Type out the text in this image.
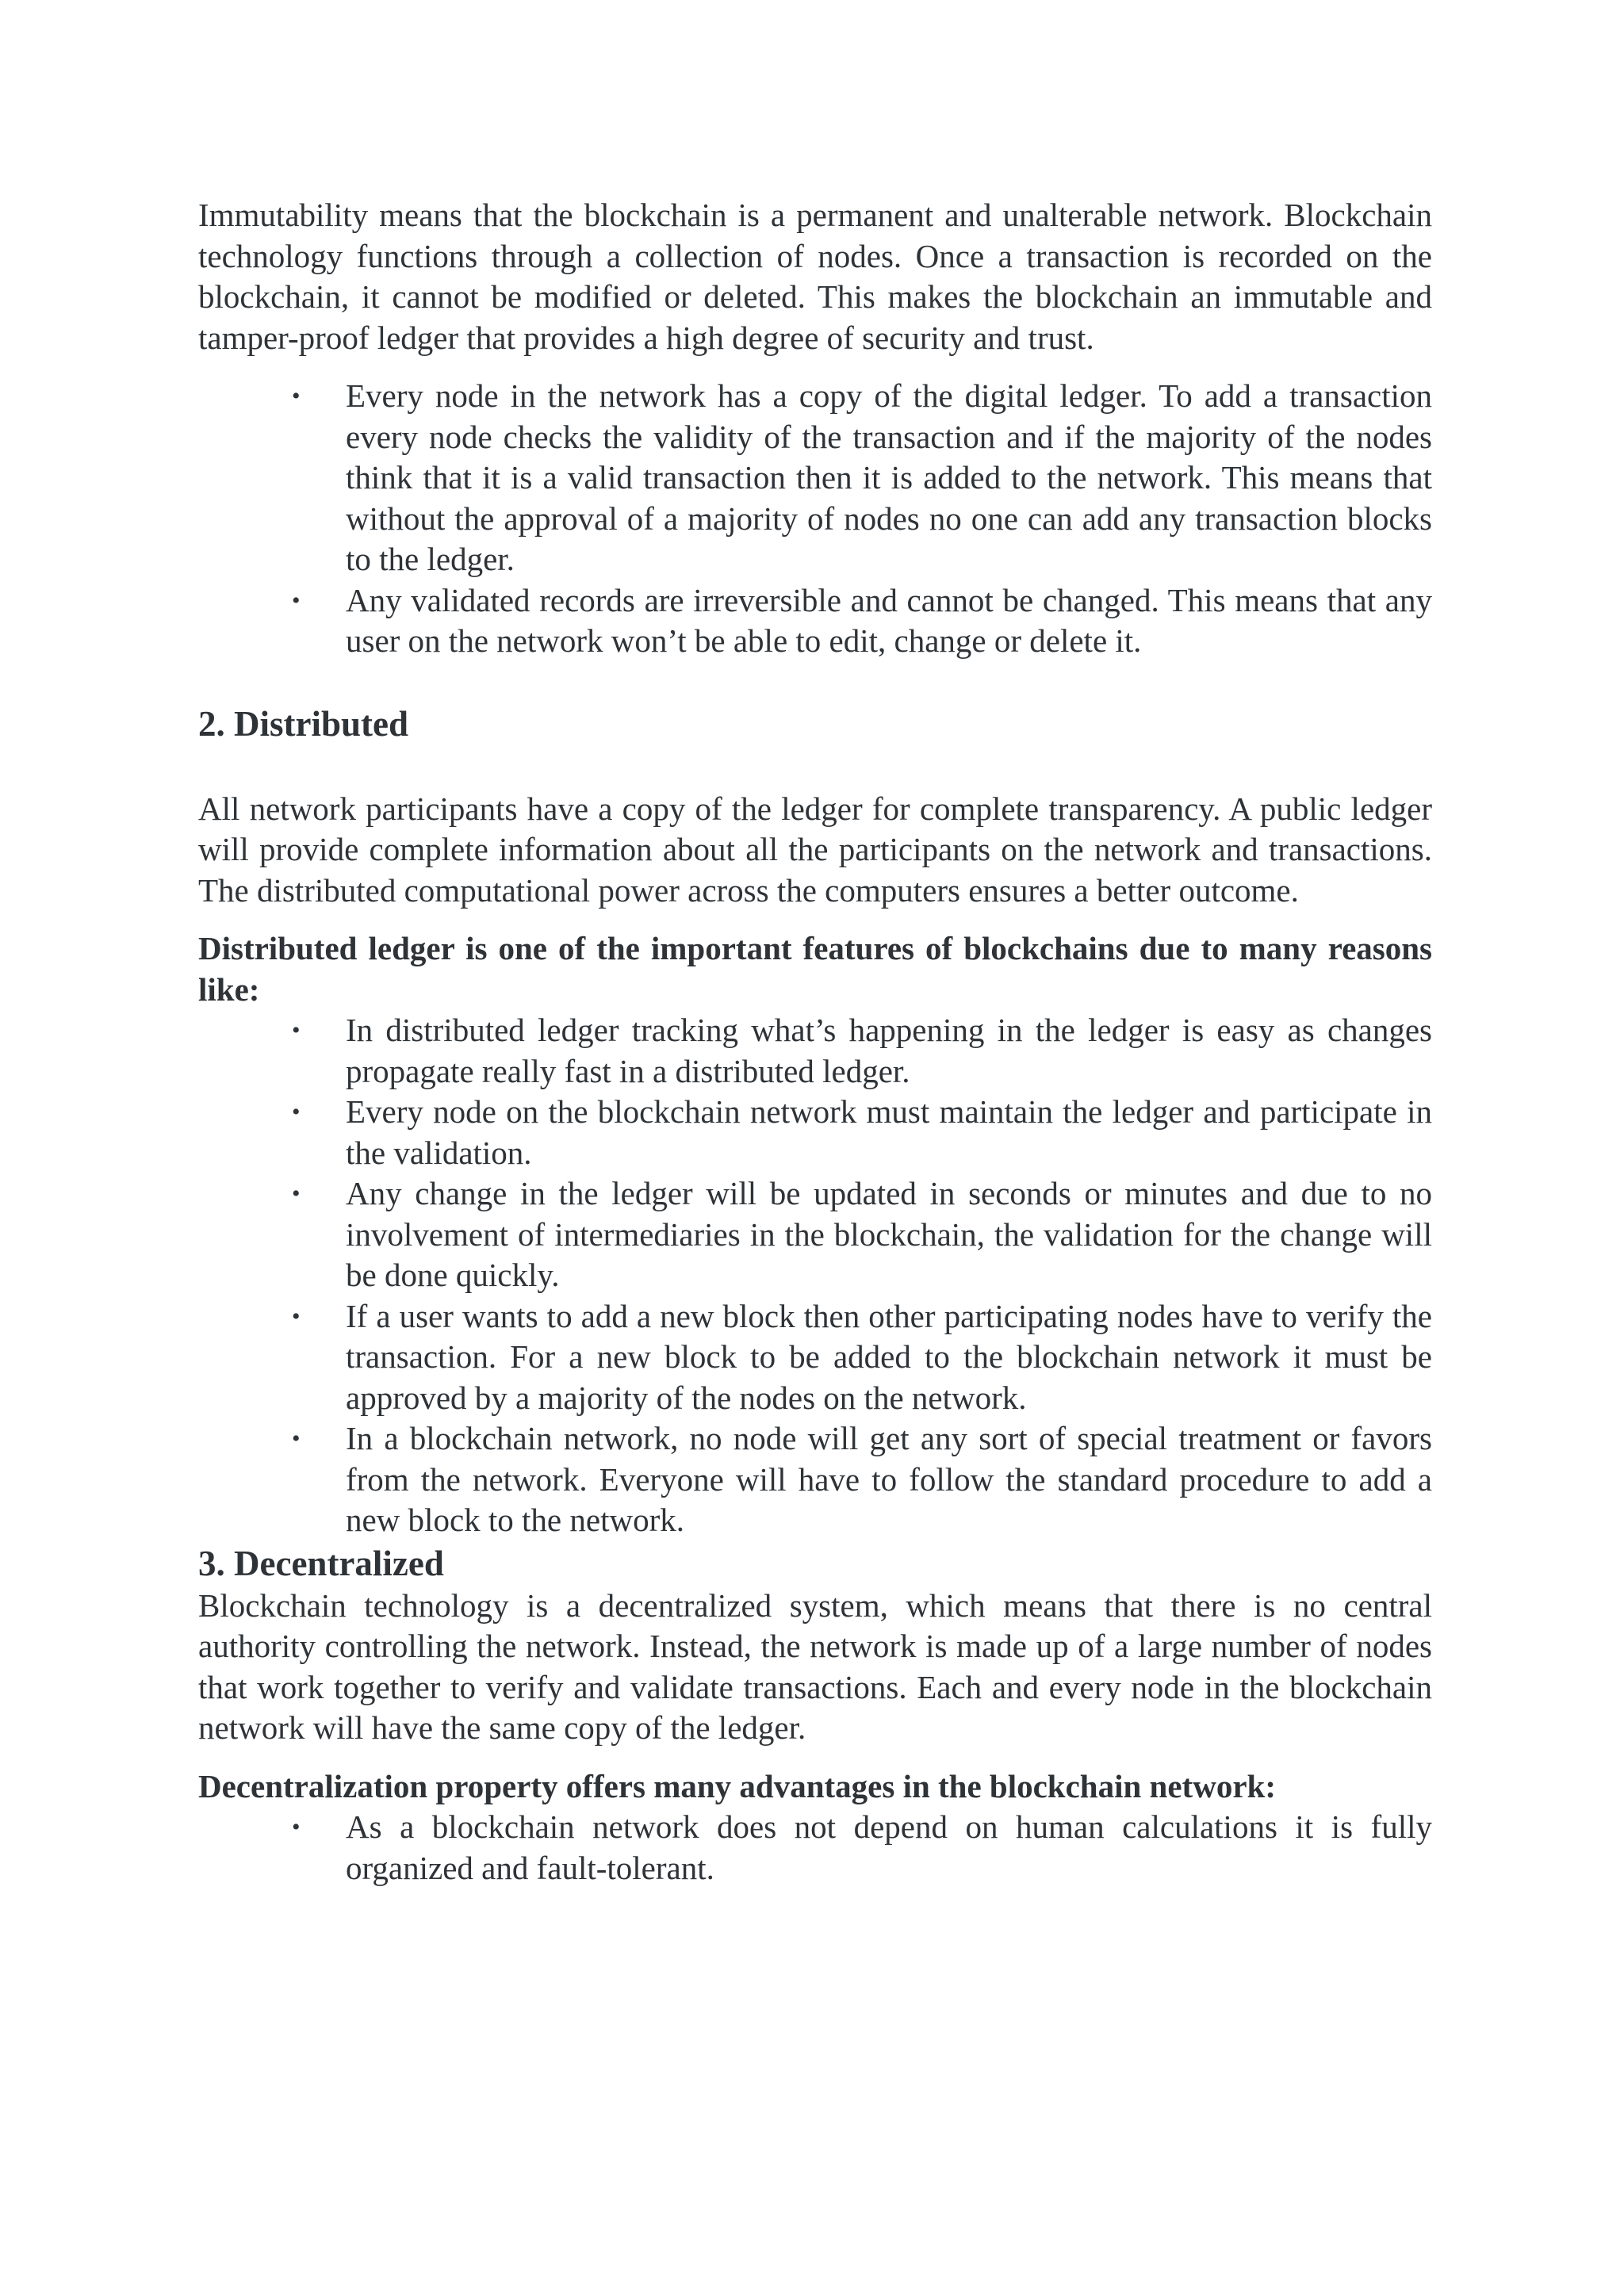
Immutability means that the blockchain is a permanent and unalterable network. Blockchain technology functions through a collection of nodes. Once a transaction is recorded on the blockchain, it cannot be modified or deleted. This makes the blockchain an immutable and tamper-proof ledger that provides a high degree of security and trust.

• Every node in the network has a copy of the digital ledger. To add a transaction every node checks the validity of the transaction and if the majority of the nodes think that it is a valid transaction then it is added to the network. This means that without the approval of a majority of nodes no one can add any transaction blocks to the ledger.
• Any validated records are irreversible and cannot be changed. This means that any user on the network won’t be able to edit, change or delete it.
2. Distributed

All network participants have a copy of the ledger for complete transparency. A public ledger will provide complete information about all the participants on the network and transactions. The distributed computational power across the computers ensures a better outcome.

Distributed ledger is one of the important features of blockchains due to many reasons like:

• In distributed ledger tracking what’s happening in the ledger is easy as changes propagate really fast in a distributed ledger.
• Every node on the blockchain network must maintain the ledger and participate in the validation.
• Any change in the ledger will be updated in seconds or minutes and due to no involvement of intermediaries in the blockchain, the validation for the change will be done quickly.
• If a user wants to add a new block then other participating nodes have to verify the transaction. For a new block to be added to the blockchain network it must be approved by a majority of the nodes on the network.
• In a blockchain network, no node will get any sort of special treatment or favors from the network. Everyone will have to follow the standard procedure to add a new block to the network.
3. Decentralized

Blockchain technology is a decentralized system, which means that there is no central authority controlling the network. Instead, the network is made up of a large number of nodes that work together to verify and validate transactions. Each and every node in the blockchain network will have the same copy of the ledger.

Decentralization property offers many advantages in the blockchain network:

• As a blockchain network does not depend on human calculations it is fully organized and fault-tolerant.
